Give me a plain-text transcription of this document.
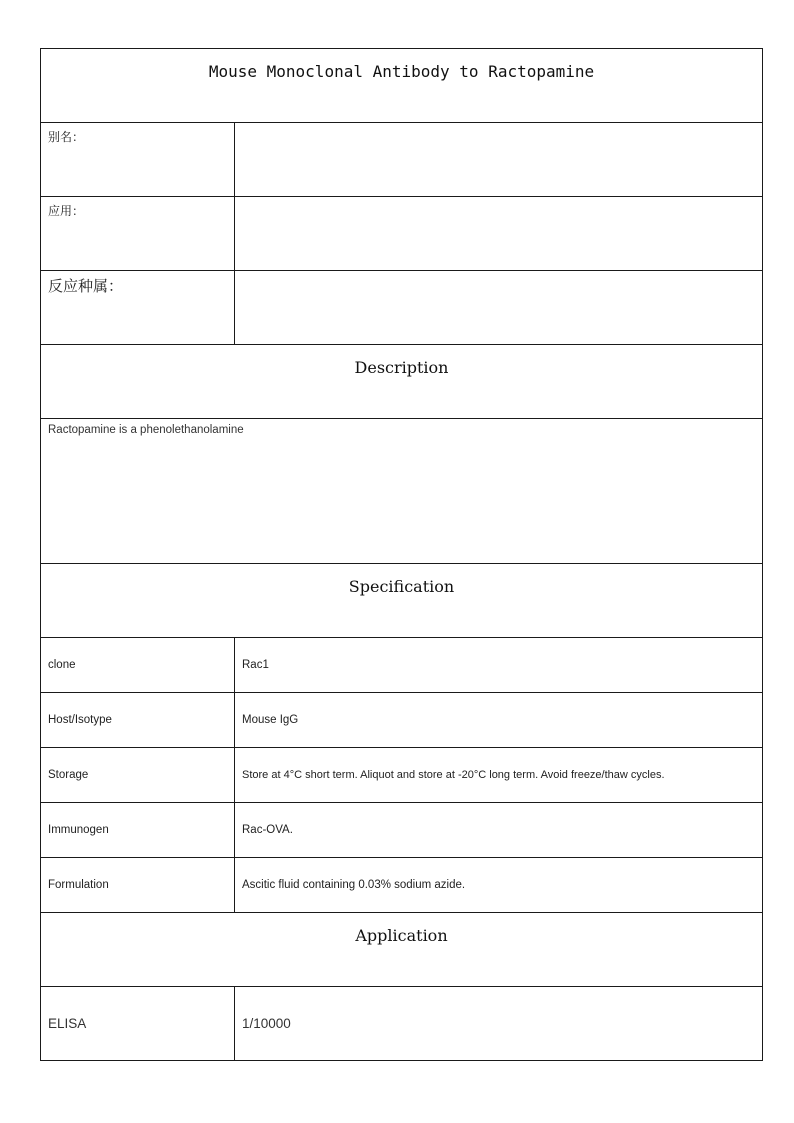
Mouse Monoclonal Antibody to Ractopamine	

别名：	

应用：	

反应种属：	

Description	

Ractopamine is a phenolethanolamine	

Specification	

clone	Rac1

Host/Isotype	Mouse IgG

Storage	Store at 4°C short term. Aliquot and store at -20°C long term. Avoid freeze/thaw cycles.

Immunogen	Rac-OVA.

Formulation	Ascitic fluid containing 0.03% sodium azide.

Application	

ELISA	1/10000
